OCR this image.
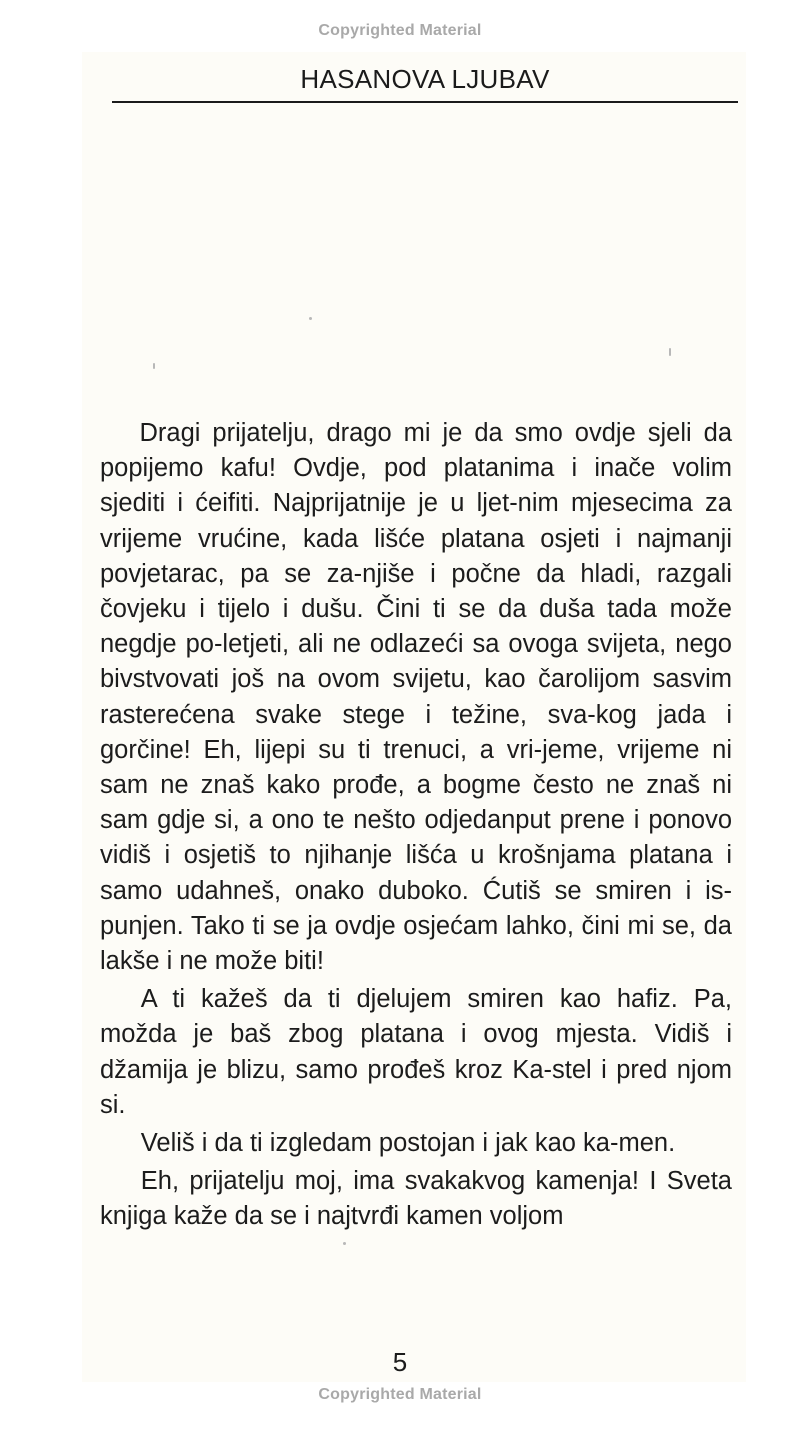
Copyrighted Material
HASANOVA LJUBAV

Dragi prijatelju, drago mi je da smo ovdje sjeli da popijemo kafu! Ovdje, pod platanima i inače volim sjediti i ćeifiti. Najprijatnije je u ljet-nim mjesecima za vrijeme vrućine, kada lišće platana osjeti i najmanji povjetarac, pa se za-njiše i počne da hladi, razgali čovjeku i tijelo i dušu. Čini ti se da duša tada može negdje po-letjeti, ali ne odlazeći sa ovoga svijeta, nego bivstvovati još na ovom svijetu, kao čarolijom sasvim rasterećena svake stege i težine, sva-kog jada i gorčine! Eh, lijepi su ti trenuci, a vri-jeme, vrijeme ni sam ne znaš kako prođe, a bogme često ne znaš ni sam gdje si, a ono te nešto odjedanput prene i ponovo vidiš i osjetiš to njihanje lišća u krošnjama platana i samo udahneš, onako duboko. Ćutiš se smiren i is-punjen. Tako ti se ja ovdje osjećam lahko, čini mi se, da lakše i ne može biti!

A ti kažeš da ti djelujem smiren kao hafiz. Pa, možda je baš zbog platana i ovog mjesta. Vidiš i džamija je blizu, samo prođeš kroz Ka-stel i pred njom si.

Veliš i da ti izgledam postojan i jak kao ka-men.

Eh, prijatelju moj, ima svakakvog kamenja! I Sveta knjiga kaže da se i najtvrđi kamen voljom

5
Copyrighted Material
